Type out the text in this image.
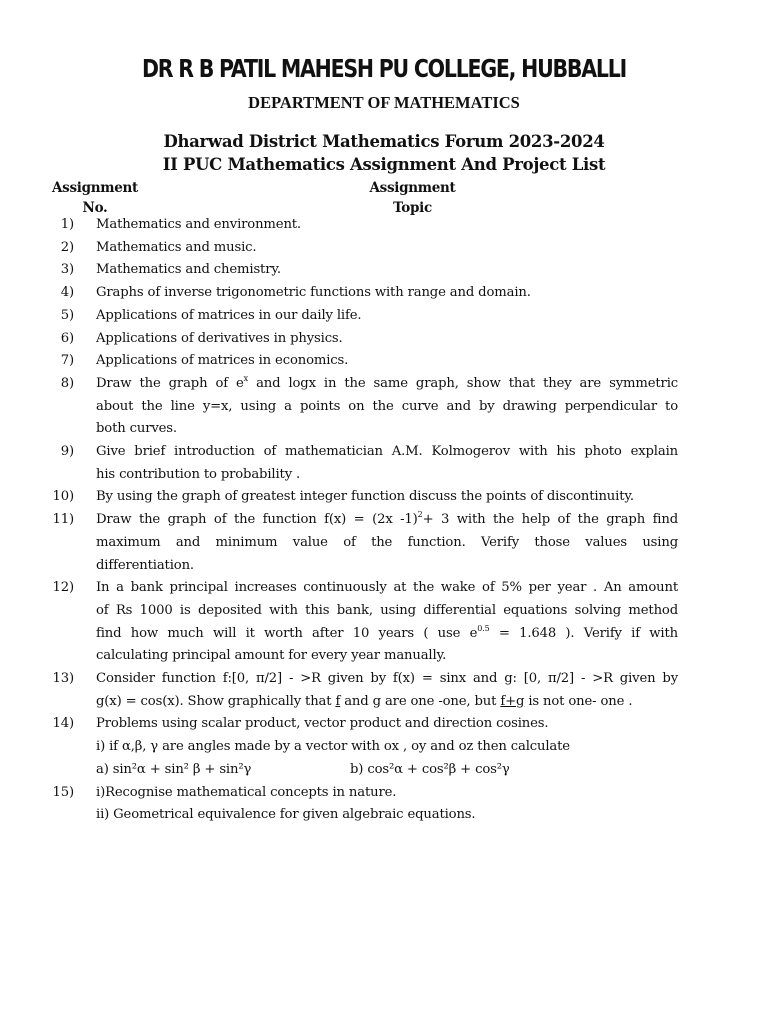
DR R B PATIL MAHESH PU COLLEGE, HUBBALLI
DEPARTMENT OF MATHEMATICS
Dharwad District Mathematics Forum 2023-2024
II PUC Mathematics Assignment And Project List
Assignment
No.
Assignment
Topic
1)	Mathematics and environment.
2)	Mathematics and music.
3)	Mathematics and chemistry.
4)	Graphs of inverse trigonometric functions with range and domain.
5)	Applications of matrices in our daily life.
6)	Applications of derivatives in physics.
7)	Applications of matrices in economics.
8)	Draw the graph of $e^x$ and logx in the same graph, show that they are symmetric
about the line y=x, using a points on the curve and by drawing perpendicular to
both curves.
9)	Give brief introduction of mathematician A.M. Kolmogerov with his photo explain
his contribution to probability .
10)	By using the graph of greatest integer function discuss the points of discontinuity.
11)	Draw the graph of the function f(x) = (2x -1)$^2$+ 3 with the help of the graph find
maximum and minimum value of the function. Verify those values using
differentiation.
12)	In a bank principal increases continuously at the wake of 5% per year . An amount
of Rs 1000 is deposited with this bank, using differential equations solving method
find how much will it worth after 10 years ( use $e^{0.5} = 1.648$ ). Verify if with
calculating principal amount for every year manually.
13)	Consider function f:[0, π/2] - >R given by f(x) = sinx and g: [0, π/2] - >R given by
g(x) = cos(x). Show graphically that f and g are one -one, but f+g is not one- one .
14)	Problems using scalar product, vector product and direction cosines.
i) if α,β, γ are angles made by a vector with ox , oy and oz then calculate
a) sin²α + sin² β + sin²γ	b) cos²α + cos²β + cos²γ
15)	i)Recognise mathematical concepts in nature.
ii) Geometrical equivalence for given algebraic equations.
